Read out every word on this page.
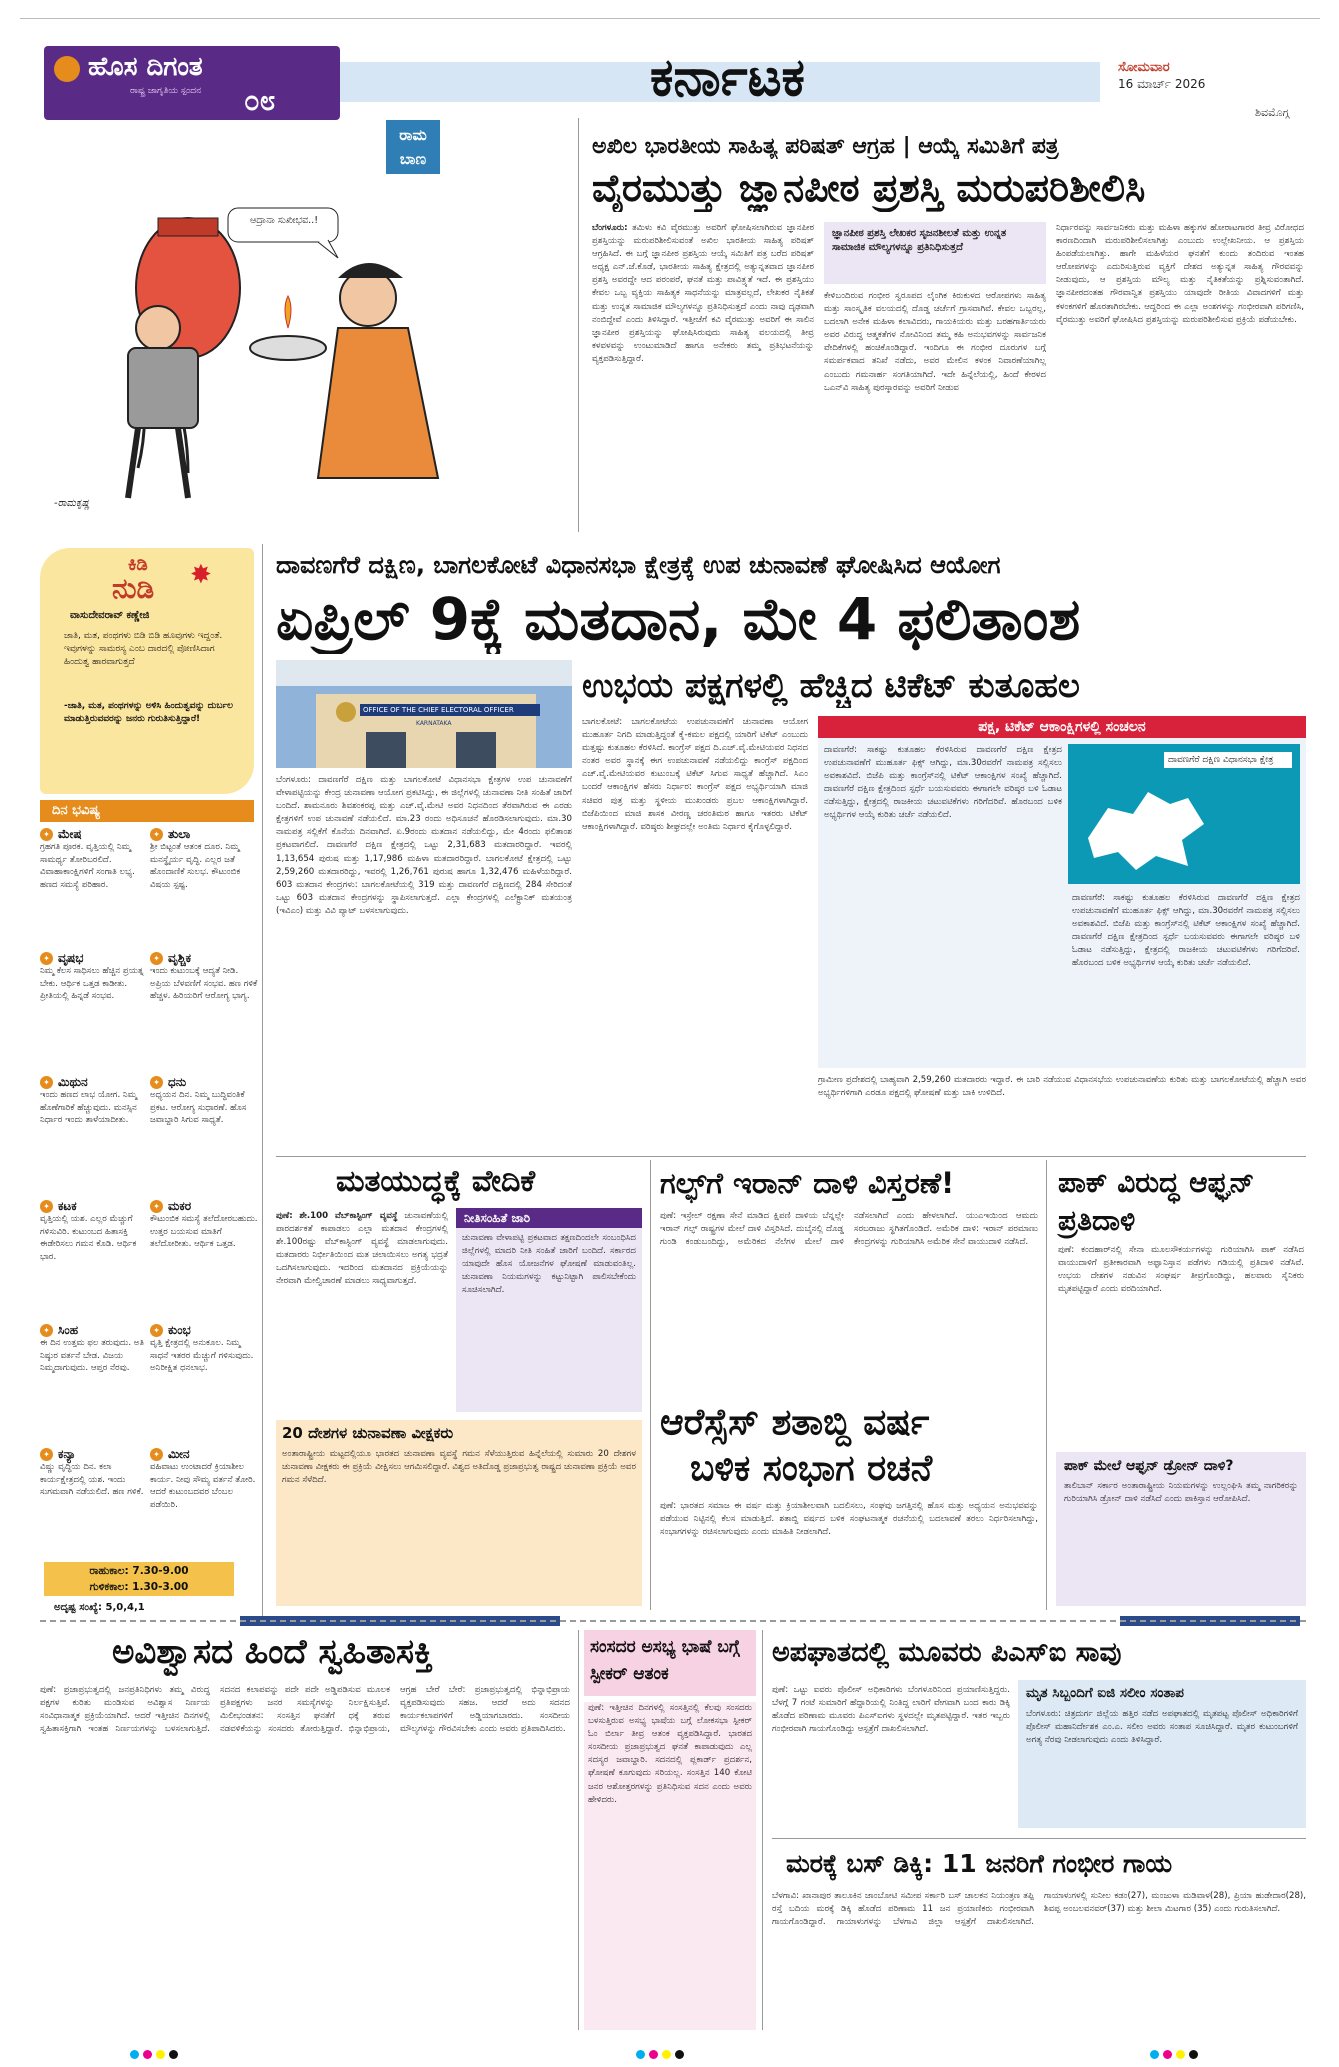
ಹೊಸ ದಿಗಂತ
ರಾಷ್ಟ್ರ ಜಾಗೃತಿಯ ಸ್ಪಂದನ ೦೮	ಕರ್ನಾಟಕ	ಸೋಮವಾರ
16 ಮಾರ್ಚ್ 2026
ಶಿವಮೊಗ್ಗ
ರಾಮ ಬಾಣ
ಆದ್ರಾನಾ ಸುಖೀಭವ..!
-ರಾಮಕೃಷ್ಣ
ಅಖಿಲ ಭಾರತೀಯ ಸಾಹಿತ್ಯ ಪರಿಷತ್ ಆಗ್ರಹ | ಆಯ್ಕೆ ಸಮಿತಿಗೆ ಪತ್ರ
ವೈರಮುತ್ತು ಜ್ಞಾನಪೀಠ ಪ್ರಶಸ್ತಿ ಮರುಪರಿಶೀಲಿಸಿ
ಬೆಂಗಳೂರು: ತಮಿಳು ಕವಿ ವೈರಮುತ್ತು ಅವರಿಗೆ ಘೋಷಿಸಲಾಗಿರುವ ಜ್ಞಾನಪೀಠ ಪ್ರಶಸ್ತಿಯನ್ನು ಮರುಪರಿಶೀಲಿಸುವಂತೆ ಅಖಿಲ ಭಾರತೀಯ ಸಾಹಿತ್ಯ ಪರಿಷತ್ ಆಗ್ರಹಿಸಿದೆ. ಈ ಬಗ್ಗೆ ಜ್ಞಾನಪೀಠ ಪ್ರಶಸ್ತಿಯ ಆಯ್ಕೆ ಸಮಿತಿಗೆ ಪತ್ರ ಬರೆದ ಪರಿಷತ್ ಅಧ್ಯಕ್ಷ ಎನ್.ಜೆ.ಕೊಡೆ, ಭಾರತೀಯ ಸಾಹಿತ್ಯ ಕ್ಷೇತ್ರದಲ್ಲಿ ಅತ್ಯುನ್ನತವಾದ ಜ್ಞಾನಪೀಠ ಪ್ರಶಸ್ತಿ ಅವರದ್ದೇ ಆದ ಪರಂಪರೆ, ಘನತೆ ಮತ್ತು ಪಾವಿತ್ರ್ಯತೆ ಇದೆ. ಈ ಪ್ರಶಸ್ತಿಯು ಕೇವಲ ಒಬ್ಬ ವ್ಯಕ್ತಿಯ ಸಾಹಿತ್ಯಕ ಸಾಧನೆಯನ್ನು ಮಾತ್ರವಲ್ಲದೆ, ಲೇಖಕರ ನೈತಿಕತೆ ಮತ್ತು ಉನ್ನತ ಸಾಮಾಜಿಕ ಮೌಲ್ಯಗಳನ್ನೂ ಪ್ರತಿನಿಧಿಸುತ್ತದೆ ಎಂದು ನಾವು ದೃಢವಾಗಿ ನಂಬಿದ್ದೇವೆ ಎಂದು ತಿಳಿಸಿದ್ದಾರೆ. ಇತ್ತೀಚೆಗೆ ಕವಿ ವೈರಮುತ್ತು ಅವರಿಗೆ ಈ ಸಾಲಿನ ಜ್ಞಾನಪೀಠ ಪ್ರಶಸ್ತಿಯನ್ನು ಘೋಷಿಸಿರುವುದು ಸಾಹಿತ್ಯ ವಲಯದಲ್ಲಿ ತೀವ್ರ ಕಳವಳವನ್ನು ಉಂಟುಮಾಡಿದೆ ಹಾಗೂ ಅನೇಕರು ತಮ್ಮ ಪ್ರತಿಭಟನೆಯನ್ನು ವ್ಯಕ್ತಪಡಿಸುತ್ತಿದ್ದಾರೆ.
ಜ್ಞಾನಪೀಠ ಪ್ರಶಸ್ತಿ ಲೇಖಕರ ಸೃಜನಶೀಲತೆ ಮತ್ತು ಉನ್ನತ ಸಾಮಾಜಿಕ ಮೌಲ್ಯಗಳನ್ನೂ ಪ್ರತಿನಿಧಿಸುತ್ತದೆ
ಕೇಳಿಬಂದಿರುವ ಗಂಭೀರ ಸ್ವರೂಪದ ಲೈಂಗಿಕ ಕಿರುಕುಳದ ಆರೋಪಗಳು ಸಾಹಿತ್ಯ ಮತ್ತು ಸಾಂಸ್ಕೃತಿಕ ವಲಯದಲ್ಲಿ ದೊಡ್ಡ ಚರ್ಚೆಗೆ ಗ್ರಾಸವಾಗಿವೆ. ಕೇವಲ ಒಬ್ಬರಲ್ಲ, ಬದಲಾಗಿ ಅನೇಕ ಮಹಿಳಾ ಕಲಾವಿದರು, ಗಾಯಕಿಯರು ಮತ್ತು ಬರಹಗಾರ್ತಿಯರು ಅವರ ವಿರುದ್ಧ ಆತ್ಮಕತೆಗಳ ನೋವಿನಿಂದ ತಮ್ಮ ಕಹಿ ಅನುಭವಗಳನ್ನು ಸಾರ್ವಜನಿಕ ವೇದಿಕೆಗಳಲ್ಲಿ ಹಂಚಿಕೊಂಡಿದ್ದಾರೆ. ಇಂದಿಗೂ ಈ ಗಂಭೀರ ದೂರುಗಳ ಬಗ್ಗೆ ಸಮರ್ಪಕವಾದ ತನಿಖೆ ನಡೆದು, ಅವರ ಮೇಲಿನ ಕಳಂಕ ನಿವಾರಣೆಯಾಗಿಲ್ಲ ಎಂಬುದು ಗಮನಾರ್ಹ ಸಂಗತಿಯಾಗಿದೆ. ಇದೇ ಹಿನ್ನೆಲೆಯಲ್ಲಿ, ಹಿಂದೆ ಕೇರಳದ ಒಎನ್‌ವಿ ಸಾಹಿತ್ಯ ಪುರಸ್ಕಾರವನ್ನು ಅವರಿಗೆ ನೀಡುವ
ನಿರ್ಧಾರವನ್ನು ಸಾರ್ವಜನಿಕರು ಮತ್ತು ಮಹಿಳಾ ಹಕ್ಕುಗಳ ಹೋರಾಟಗಾರರ ತೀವ್ರ ವಿರೋಧದ ಕಾರಣದಿಂದಾಗಿ ಮರುಪರಿಶೀಲಿಸಲಾಗಿತ್ತು ಎಂಬುದು ಉಲ್ಲೇಖನೀಯ. ಆ ಪ್ರಶಸ್ತಿಯ ಹಿಂಪಡೆಯಲಾಗಿತ್ತು. ಹಾಗೇ ಮಹಿಳೆಯರ ಘನತೆಗೆ ಕುಂದು ತಂದಿರುವ ಇಂತಹ ಆರೋಪಗಳನ್ನು ಎದುರಿಸುತ್ತಿರುವ ವ್ಯಕ್ತಿಗೆ ದೇಶದ ಅತ್ಯುನ್ನತ ಸಾಹಿತ್ಯ ಗೌರವವನ್ನು ನೀಡುವುದು, ಆ ಪ್ರಶಸ್ತಿಯ ಮೌಲ್ಯ ಮತ್ತು ನೈತಿಕತೆಯನ್ನು ಪ್ರಶ್ನಿಸುವಂತಾಗಿದೆ. ಜ್ಞಾನಪೀಠದಂತಹ ಗೌರವಾನ್ವಿತ ಪ್ರಶಸ್ತಿಯು ಯಾವುದೇ ರೀತಿಯ ವಿವಾದಗಳಿಗೆ ಮತ್ತು ಕಳಂಕಗಳಿಗೆ ಹೊರತಾಗಿರಬೇಕು. ಆದ್ದರಿಂದ ಈ ಎಲ್ಲಾ ಅಂಶಗಳನ್ನು ಗಂಭೀರವಾಗಿ ಪರಿಗಣಿಸಿ, ವೈರಮುತ್ತು ಅವರಿಗೆ ಘೋಷಿಸಿದ ಪ್ರಶಸ್ತಿಯನ್ನು ಮರುಪರಿಶೀಲಿಸುವ ಪ್ರಕ್ರಿಯೆ ಪಡೆಯಬೇಕು.
ಕಿಡಿ
ನುಡಿ ✸
ವಾಸುದೇವರಾವ್ ಕಣ್ಣೇಜಿ
ಜಾತಿ, ಮತ, ಪಂಥಗಳು ಬಿಡಿ ಬಿಡಿ ಹೂವುಗಳು ಇದ್ದಂತೆ. ಇವುಗಳನ್ನು ಸಾಮರಸ್ಯ ಎಂಬ ದಾರದಲ್ಲಿ ಪೋಣಿಸಿದಾಗ ಹಿಂದುತ್ವ ಹಾರವಾಗುತ್ತದೆ
-ಜಾತಿ, ಮತ, ಪಂಥಗಳನ್ನು ಅಳಿಸಿ ಹಿಂದುತ್ವವನ್ನು ದುರ್ಬಲ ಮಾಡುತ್ತಿರುವವರನ್ನು ಜನರು ಗುರುತಿಸುತ್ತಿದ್ದಾರೆ!
ದಿನ ಭವಿಷ್ಯ
✦ ಮೇಷ
ಗ್ರಹಗತಿ ಪೂರಕ. ವೃತ್ತಿಯಲ್ಲಿ ನಿಮ್ಮ ಸಾಮರ್ಥ್ಯ ತೋರಿಬರಲಿದೆ. ವಿವಾಹಾಕಾಂಕ್ಷಿಗಳಿಗೆ ಸಂಗಾತಿ ಲಭ್ಯ. ಹಣದ ಸಮಸ್ಯೆ ಪರಿಹಾರ.
✦ ತುಲಾ
ಶ್ರೀ ಬಿಟ್ಟಂತೆ ಆತಂಕ ದೂರ. ನಿಮ್ಮ ಮನಸ್ಥೈರ್ಯ ವೃದ್ಧಿ. ಎಲ್ಲರ ಜತೆ ಹೊಂದಾಣಿಕೆ ಸುಲಭ. ಕೌಟುಂಬಿಕ ವಿಷಯ ಸ್ಪಷ್ಟ.
✦ ವೃಷಭ
ನಿಮ್ಮ ಕೆಲಸ ಸಾಧಿಸಲು ಹೆಚ್ಚಿನ ಪ್ರಯತ್ನ ಬೇಕು. ಆರ್ಥಿಕ ಒತ್ತಡ ಕಾಡೀತು. ಪ್ರೀತಿಯಲ್ಲಿ ಹಿನ್ನಡೆ ಸಂಭವ.
✦ ವೃಶ್ಚಿಕ
ಇಂದು ಕುಟುಂಬಕ್ಕೆ ಆದ್ಯತೆ ನೀಡಿ. ಅಪ್ರಿಯ ಬೆಳವಣಿಗೆ ಸಂಭವ. ಹಣ ಗಳಿಕೆ ಹೆಚ್ಚಳ. ಹಿರಿಯರಿಗೆ ಆರೋಗ್ಯ ಭಾಗ್ಯ.
✦ ಮಿಥುನ
ಇಂದು ಹಣದ ಲಾಭ ಯೋಗ. ನಿಮ್ಮ ಹೊಣೆಗಾರಿಕೆ ಹೆಚ್ಚುವುದು. ಮನಸ್ಸಿನ ನಿರ್ಧಾರ ಇಂದು ತಾಳೆಯಾದೀತು.
✦ ಧನು
ಅಧ್ಯಯನ ದಿನ. ನಿಮ್ಮ ಬುದ್ಧಿವಂತಿಕೆ ಪ್ರಕಟ. ಆರೋಗ್ಯ ಸುಧಾರಣೆ. ಹೊಸ ಜವಾಬ್ದಾರಿ ಸಿಗುವ ಸಾಧ್ಯತೆ.
✦ ಕಟಕ
ವೃತ್ತಿಯಲ್ಲಿ ಯಶ. ಎಲ್ಲರ ಮೆಚ್ಚುಗೆ ಗಳಿಸುವಿರಿ. ಕುಟುಂಬದ ಹಿತಾಸಕ್ತಿ ಈಡೇರಿಸಲು ಗಮನ ಕೊಡಿ. ಆರ್ಥಿಕ ಭಾರ.
✦ ಮಕರ
ಕೌಟುಂಬಿಕ ಸಮಸ್ಯೆ ತಲೆದೋರಬಹುದು. ಉತ್ತರ ಬಯಸುವ ಮಾತಿಗೆ ತಲೆದೋರೀತು. ಆರ್ಥಿಕ ಒತ್ತಡ.
✦ ಸಿಂಹ
ಈ ದಿನ ಉತ್ತಮ ಫಲ ತರುವುದು. ಅತಿ ನಿಷ್ಠುರ ವರ್ತನೆ ಬೇಡ. ವಿಜಯ ನಿಮ್ಮದಾಗುವುದು. ಆಪ್ತರ ನೆರವು.
✦ ಕುಂಭ
ವೃತ್ತಿ ಕ್ಷೇತ್ರದಲ್ಲಿ ಅನುಕೂಲ. ನಿಮ್ಮ ಸಾಧನೆ ಇತರರ ಮೆಚ್ಚುಗೆ ಗಳಿಸುವುದು. ಅನಿರೀಕ್ಷಿತ ಧನಲಾಭ.
✦ ಕನ್ಯಾ
ವಿಷ್ಣು ವೃದ್ಧಿಯ ದಿನ. ಕಲಾ ಕಾರ್ಯಕ್ಷೇತ್ರದಲ್ಲಿ ಯಶ. ಇಂದು ಸುಗಮವಾಗಿ ನಡೆಯಲಿದೆ. ಹಣ ಗಳಿಕೆ.
✦ ಮೀನ
ವಹಿವಾಟು ಉಂಟಾದರೆ ಕ್ರಿಯಾಶೀಲ ಕಾರ್ಯ. ನೀವು ಸೌಮ್ಯ ವರ್ತನೆ ತೋರಿ. ಆದರೆ ಕುಟುಂಬದವರ ಬೆಂಬಲ ಪಡೆಯಿರಿ.
ರಾಹುಕಾಲ: 7.30-9.00
ಗುಳಿಕಕಾಲ: 1.30-3.00
ಅದೃಷ್ಟ ಸಂಖ್ಯೆ: 5,0,4,1
ದಾವಣಗೆರೆ ದಕ್ಷಿಣ, ಬಾಗಲಕೋಟೆ ವಿಧಾನಸಭಾ ಕ್ಷೇತ್ರಕ್ಕೆ ಉಪ ಚುನಾವಣೆ ಘೋಷಿಸಿದ ಆಯೋಗ
ಏಪ್ರಿಲ್ 9ಕ್ಕೆ ಮತದಾನ, ಮೇ 4 ಫಲಿತಾಂಶ
OFFICE OF THE CHIEF ELECTORAL OFFICER
KARNATAKA
ಉಭಯ ಪಕ್ಷಗಳಲ್ಲಿ ಹೆಚ್ಚಿದ ಟಿಕೆಟ್ ಕುತೂಹಲ
ಬೆಂಗಳೂರು: ದಾವಣಗೆರೆ ದಕ್ಷಿಣ ಮತ್ತು ಬಾಗಲಕೋಟೆ ವಿಧಾನಸಭಾ ಕ್ಷೇತ್ರಗಳ ಉಪ ಚುನಾವಣೆಗೆ ವೇಳಾಪಟ್ಟಿಯನ್ನು ಕೇಂದ್ರ ಚುನಾವಣಾ ಆಯೋಗ ಪ್ರಕಟಿಸಿದ್ದು, ಈ ಜಿಲ್ಲೆಗಳಲ್ಲಿ ಚುನಾವಣಾ ನೀತಿ ಸಂಹಿತೆ ಜಾರಿಗೆ ಬಂದಿದೆ. ಶಾಮನೂರು ಶಿವಶಂಕರಪ್ಪ ಮತ್ತು ಎಚ್.ವೈ.ಮೇಟಿ ಅವರ ನಿಧನದಿಂದ ತೆರವಾಗಿರುವ ಈ ಎರಡು ಕ್ಷೇತ್ರಗಳಿಗೆ ಉಪ ಚುನಾವಣೆ ನಡೆಯಲಿದೆ. ಮಾ.23 ರಂದು ಅಧಿಸೂಚನೆ ಹೊರಡಿಸಲಾಗುವುದು. ಮಾ.30 ನಾಮಪತ್ರ ಸಲ್ಲಿಕೆಗೆ ಕೊನೆಯ ದಿನವಾಗಿದೆ. ಏ.9ರಂದು ಮತದಾನ ನಡೆಯಲಿದ್ದು, ಮೇ 4ರಂದು ಫಲಿತಾಂಶ ಪ್ರಕಟವಾಗಲಿದೆ. ದಾವಣಗೆರೆ ದಕ್ಷಿಣ ಕ್ಷೇತ್ರದಲ್ಲಿ ಒಟ್ಟು 2,31,683 ಮತದಾರರಿದ್ದಾರೆ. ಇವರಲ್ಲಿ 1,13,654 ಪುರುಷ ಮತ್ತು 1,17,986 ಮಹಿಳಾ ಮತದಾರರಿದ್ದಾರೆ. ಬಾಗಲಕೋಟೆ ಕ್ಷೇತ್ರದಲ್ಲಿ ಒಟ್ಟು 2,59,260 ಮತದಾರರಿದ್ದು, ಇವರಲ್ಲಿ 1,26,761 ಪುರುಷ ಹಾಗೂ 1,32,476 ಮಹಿಳೆಯರಿದ್ದಾರೆ. 603 ಮತದಾನ ಕೇಂದ್ರಗಳು: ಬಾಗಲಕೋಟೆಯಲ್ಲಿ 319 ಮತ್ತು ದಾವಣಗೆರೆ ದಕ್ಷಿಣದಲ್ಲಿ 284 ಸೇರಿದಂತೆ ಒಟ್ಟು 603 ಮತದಾನ ಕೇಂದ್ರಗಳನ್ನು ಸ್ಥಾಪಿಸಲಾಗುತ್ತದೆ. ಎಲ್ಲಾ ಕೇಂದ್ರಗಳಲ್ಲಿ ಎಲೆಕ್ಟ್ರಾನಿಕ್ ಮತಯಂತ್ರ (ಇವಿಎಂ) ಮತ್ತು ವಿವಿ ಪ್ಯಾಟ್ ಬಳಸಲಾಗುವುದು.
ಬಾಗಲಕೋಟೆ: ಬಾಗಲಕೋಟೆಯ ಉಪಚುನಾವಣೆಗೆ ಚುನಾವಣಾ ಆಯೋಗ ಮುಹೂರ್ತ ನಿಗದಿ ಮಾಡುತ್ತಿದ್ದಂತೆ ಕೈ-ಕಮಲ ಪಕ್ಷದಲ್ಲಿ ಯಾರಿಗೆ ಟಿಕೆಟ್ ಎಂಬುದು ಮತ್ತಷ್ಟು ಕುತೂಹಲ ಕೆರಳಿಸಿದೆ. ಕಾಂಗ್ರೆಸ್ ಪಕ್ಷದ ದಿ.ಎಚ್.ವೈ.ಮೇಟಿಯವರ ನಿಧನದ ನಂತರ ಅವರ ಸ್ಥಾನಕ್ಕೆ ಈಗ ಉಪಚುನಾವಣೆ ನಡೆಯಲಿದ್ದು ಕಾಂಗ್ರೆಸ್ ಪಕ್ಷದಿಂದ ಎಚ್.ವೈ.ಮೇಟಿಯವರ ಕುಟುಂಬಕ್ಕೆ ಟಿಕೆಟ್ ಸಿಗುವ ಸಾಧ್ಯತೆ ಹೆಚ್ಚಾಗಿದೆ. ಸಿಎಂ ಬಂದರೆ ಆಕಾಂಕ್ಷಿಗಳ ಹೆಸರು ನಿರ್ಧಾರ: ಕಾಂಗ್ರೆಸ್ ಪಕ್ಷದ ಅಭ್ಯರ್ಥಿಯಾಗಿ ಮಾಜಿ ಸಚಿವರ ಪುತ್ರ ಮತ್ತು ಸ್ಥಳೀಯ ಮುಖಂಡರು ಪ್ರಬಲ ಆಕಾಂಕ್ಷಿಗಳಾಗಿದ್ದಾರೆ. ಬಿಜೆಪಿಯಿಂದ ಮಾಜಿ ಶಾಸಕ ವೀರಣ್ಣ ಚರಂತಿಮಠ ಹಾಗೂ ಇತರರು ಟಿಕೆಟ್ ಆಕಾಂಕ್ಷಿಗಳಾಗಿದ್ದಾರೆ. ವರಿಷ್ಠರು ಶೀಘ್ರದಲ್ಲೇ ಅಂತಿಮ ನಿರ್ಧಾರ ಕೈಗೊಳ್ಳಲಿದ್ದಾರೆ.
ಪಕ್ಷ, ಟಿಕೆಟ್ ಆಕಾಂಕ್ಷಿಗಳಲ್ಲಿ ಸಂಚಲನ
ದಾವಣಗೆರೆ: ಸಾಕಷ್ಟು ಕುತೂಹಲ ಕೆರಳಿಸಿರುವ ದಾವಣಗೆರೆ ದಕ್ಷಿಣ ಕ್ಷೇತ್ರದ ಉಪಚುನಾವಣೆಗೆ ಮುಹೂರ್ತ ಫಿಕ್ಸ್ ಆಗಿದ್ದು, ಮಾ.30ರವರೆಗೆ ನಾಮಪತ್ರ ಸಲ್ಲಿಸಲು ಅವಕಾಶವಿದೆ. ಬಿಜೆಪಿ ಮತ್ತು ಕಾಂಗ್ರೆಸ್‌ನಲ್ಲಿ ಟಿಕೆಟ್ ಆಕಾಂಕ್ಷಿಗಳ ಸಂಖ್ಯೆ ಹೆಚ್ಚಾಗಿದೆ. ದಾವಣಗೆರೆ ದಕ್ಷಿಣ ಕ್ಷೇತ್ರದಿಂದ ಸ್ಪರ್ಧೆ ಬಯಸುವವರು ಈಗಾಗಲೇ ವರಿಷ್ಠರ ಬಳಿ ಓಡಾಟ ನಡೆಸುತ್ತಿದ್ದು, ಕ್ಷೇತ್ರದಲ್ಲಿ ರಾಜಕೀಯ ಚಟುವಟಿಕೆಗಳು ಗರಿಗೆದರಿವೆ. ಹೊರಬಂದ ಬಳಿಕ ಅಭ್ಯರ್ಥಿಗಳ ಆಯ್ಕೆ ಕುರಿತು ಚರ್ಚೆ ನಡೆಯಲಿದೆ.
ದಾವಣಗೆರೆ ದಕ್ಷಿಣ ವಿಧಾನಸಭಾ ಕ್ಷೇತ್ರ
ದಾವಣಗೆರೆ: ಸಾಕಷ್ಟು ಕುತೂಹಲ ಕೆರಳಿಸಿರುವ ದಾವಣಗೆರೆ ದಕ್ಷಿಣ ಕ್ಷೇತ್ರದ ಉಪಚುನಾವಣೆಗೆ ಮುಹೂರ್ತ ಫಿಕ್ಸ್ ಆಗಿದ್ದು, ಮಾ.30ರವರೆಗೆ ನಾಮಪತ್ರ ಸಲ್ಲಿಸಲು ಅವಕಾಶವಿದೆ. ಬಿಜೆಪಿ ಮತ್ತು ಕಾಂಗ್ರೆಸ್‌ನಲ್ಲಿ ಟಿಕೆಟ್ ಆಕಾಂಕ್ಷಿಗಳ ಸಂಖ್ಯೆ ಹೆಚ್ಚಾಗಿದೆ. ದಾವಣಗೆರೆ ದಕ್ಷಿಣ ಕ್ಷೇತ್ರದಿಂದ ಸ್ಪರ್ಧೆ ಬಯಸುವವರು ಈಗಾಗಲೇ ವರಿಷ್ಠರ ಬಳಿ ಓಡಾಟ ನಡೆಸುತ್ತಿದ್ದು, ಕ್ಷೇತ್ರದಲ್ಲಿ ರಾಜಕೀಯ ಚಟುವಟಿಕೆಗಳು ಗರಿಗೆದರಿವೆ. ಹೊರಬಂದ ಬಳಿಕ ಅಭ್ಯರ್ಥಿಗಳ ಆಯ್ಕೆ ಕುರಿತು ಚರ್ಚೆ ನಡೆಯಲಿದೆ.
ಗ್ರಾಮೀಣ ಪ್ರದೇಶದಲ್ಲಿ ಬಾಹ್ಯವಾಗಿ 2,59,260 ಮತದಾರರು ಇದ್ದಾರೆ. ಈ ಬಾರಿ ನಡೆಯುವ ವಿಧಾನಸಭೆಯ ಉಪಚುನಾವಣೆಯ ಕುರಿತು ಮತ್ತು ಬಾಗಲಕೋಟೆಯಲ್ಲಿ ಹೆಚ್ಚಾಗಿ ಅವರ ಅಭ್ಯರ್ಥಿಗಳಿಗಾಗಿ ಎರಡೂ ಪಕ್ಷದಲ್ಲಿ ಘೋಷಣೆ ಮತ್ತು ಬಾಕಿ ಉಳಿದಿದೆ.
ಮತಯುದ್ಧಕ್ಕೆ ವೇದಿಕೆ
ಪುಣೆ: ಶೇ.100 ವೆಬ್‌ಕಾಸ್ಟಿಂಗ್ ವ್ಯವಸ್ಥೆ ಚುನಾವಣೆಯಲ್ಲಿ ಪಾರದರ್ಶಕತೆ ಕಾಪಾಡಲು ಎಲ್ಲಾ ಮತದಾನ ಕೇಂದ್ರಗಳಲ್ಲಿ ಶೇ.100ರಷ್ಟು ವೆಬ್‌ಕಾಸ್ಟಿಂಗ್ ವ್ಯವಸ್ಥೆ ಮಾಡಲಾಗುವುದು. ಮತದಾರರು ನಿರ್ಭೀತಿಯಿಂದ ಮತ ಚಲಾಯಿಸಲು ಅಗತ್ಯ ಭದ್ರತೆ ಒದಗಿಸಲಾಗುವುದು. ಇದರಿಂದ ಮತದಾನದ ಪ್ರಕ್ರಿಯೆಯನ್ನು ನೇರವಾಗಿ ಮೇಲ್ವಿಚಾರಣೆ ಮಾಡಲು ಸಾಧ್ಯವಾಗುತ್ತದೆ.
ನೀತಿಸಂಹಿತೆ ಜಾರಿ
ಚುನಾವಣಾ ವೇಳಾಪಟ್ಟಿ ಪ್ರಕಟವಾದ ತಕ್ಷಣದಿಂದಲೇ ಸಂಬಂಧಿಸಿದ ಜಿಲ್ಲೆಗಳಲ್ಲಿ ಮಾದರಿ ನೀತಿ ಸಂಹಿತೆ ಜಾರಿಗೆ ಬಂದಿದೆ. ಸರ್ಕಾರದ ಯಾವುದೇ ಹೊಸ ಯೋಜನೆಗಳ ಘೋಷಣೆ ಮಾಡುವಂತಿಲ್ಲ. ಚುನಾವಣಾ ನಿಯಮಗಳನ್ನು ಕಟ್ಟುನಿಟ್ಟಾಗಿ ಪಾಲಿಸಬೇಕೆಂದು ಸೂಚಿಸಲಾಗಿದೆ.
20 ದೇಶಗಳ ಚುನಾವಣಾ ವೀಕ್ಷಕರು
ಅಂತಾರಾಷ್ಟ್ರೀಯ ಮಟ್ಟದಲ್ಲಿಯೂ ಭಾರತದ ಚುನಾವಣಾ ವ್ಯವಸ್ಥೆ ಗಮನ ಸೆಳೆಯುತ್ತಿರುವ ಹಿನ್ನೆಲೆಯಲ್ಲಿ ಸುಮಾರು 20 ದೇಶಗಳ ಚುನಾವಣಾ ವೀಕ್ಷಕರು ಈ ಪ್ರಕ್ರಿಯೆ ವೀಕ್ಷಿಸಲು ಆಗಮಿಸಲಿದ್ದಾರೆ. ವಿಶ್ವದ ಅತಿದೊಡ್ಡ ಪ್ರಜಾಪ್ರಭುತ್ವ ರಾಷ್ಟ್ರದ ಚುನಾವಣಾ ಪ್ರಕ್ರಿಯೆ ಅವರ ಗಮನ ಸೆಳೆದಿದೆ.
ಗಲ್ಫ್‌ಗೆ ಇರಾನ್ ದಾಳಿ ವಿಸ್ತರಣೆ!
ಪುಣೆ: ಇಸ್ರೇಲ್ ರಕ್ಷಣಾ ಸೇನೆ ಮಾಡಿದ ಕ್ಷಿಪಣಿ ದಾಳಿಯ ಬೆನ್ನಲ್ಲೇ ಇರಾನ್ ಗಲ್ಫ್ ರಾಷ್ಟ್ರಗಳ ಮೇಲೆ ದಾಳಿ ವಿಸ್ತರಿಸಿದೆ. ದುಬೈನಲ್ಲಿ ದೊಡ್ಡ ಗುಂಡಿ ಕಂಡುಬಂದಿದ್ದು, ಅಮೆರಿಕದ ನೆಲೆಗಳ ಮೇಲೆ ದಾಳಿ ನಡೆಸಲಾಗಿದೆ ಎಂದು ಹೇಳಲಾಗಿದೆ. ಯುಎಇಯಿಂದ ಆಮದು ಸರಬರಾಜು ಸ್ಥಗಿತಗೊಂಡಿದೆ. ಅಮೆರಿಕ ದಾಳಿ: ಇರಾನ್ ಪರಮಾಣು ಕೇಂದ್ರಗಳನ್ನು ಗುರಿಯಾಗಿಸಿ ಅಮೆರಿಕ ಸೇನೆ ವಾಯುದಾಳಿ ನಡೆಸಿದೆ.
ಆರೆಸ್ಸೆಸ್ ಶತಾಬ್ದಿ ವರ್ಷ
ಬಳಿಕ ಸಂಭಾಗ ರಚನೆ
ಪುಣೆ: ಭಾರತದ ಸಮಾಜ ಈ ವರ್ಷ ಮತ್ತು ಕ್ರಿಯಾಶೀಲವಾಗಿ ಬದಲಿಸಲು, ಸಂಘವು ಜಗತ್ತಿನಲ್ಲಿ ಹೊಸ ಮತ್ತು ಅಧ್ಯಯನ ಅನುಭವವನ್ನು ಪಡೆಯುವ ನಿಟ್ಟಿನಲ್ಲಿ ಕೆಲಸ ಮಾಡುತ್ತಿದೆ. ಶತಾಬ್ದಿ ವರ್ಷದ ಬಳಿಕ ಸಂಘಟನಾತ್ಮಕ ರಚನೆಯಲ್ಲಿ ಬದಲಾವಣೆ ತರಲು ನಿರ್ಧರಿಸಲಾಗಿದ್ದು, ಸಂಭಾಗಗಳನ್ನು ರಚಿಸಲಾಗುವುದು ಎಂದು ಮಾಹಿತಿ ನೀಡಲಾಗಿದೆ.
ಪಾಕ್ ವಿರುದ್ಧ ಆಫ್ಘನ್ ಪ್ರತಿದಾಳಿ
ಪುಣೆ: ಕಂದಹಾರ್‌ನಲ್ಲಿ ಸೇನಾ ಮೂಲಸೌಕರ್ಯಗಳನ್ನು ಗುರಿಯಾಗಿಸಿ ಪಾಕ್ ನಡೆಸಿದ ವಾಯುದಾಳಿಗೆ ಪ್ರತೀಕಾರವಾಗಿ ಅಫ್ಘಾನಿಸ್ತಾನ ಪಡೆಗಳು ಗಡಿಯಲ್ಲಿ ಪ್ರತಿದಾಳಿ ನಡೆಸಿವೆ. ಉಭಯ ದೇಶಗಳ ನಡುವಿನ ಸಂಘರ್ಷ ತೀವ್ರಗೊಂಡಿದ್ದು, ಹಲವಾರು ಸೈನಿಕರು ಮೃತಪಟ್ಟಿದ್ದಾರೆ ಎಂದು ವರದಿಯಾಗಿದೆ.
ಪಾಕ್ ಮೇಲೆ ಆಫ್ಘನ್ ಡ್ರೋನ್ ದಾಳಿ?
ತಾಲಿಬಾನ್ ಸರ್ಕಾರ ಅಂತಾರಾಷ್ಟ್ರೀಯ ನಿಯಮಗಳನ್ನು ಉಲ್ಲಂಘಿಸಿ ತಮ್ಮ ನಾಗರಿಕರನ್ನು ಗುರಿಯಾಗಿಸಿ ಡ್ರೋನ್ ದಾಳಿ ನಡೆಸಿದೆ ಎಂದು ಪಾಕಿಸ್ತಾನ ಆರೋಪಿಸಿದೆ.
ಅವಿಶ್ವಾಸದ ಹಿಂದೆ ಸ್ವಹಿತಾಸಕ್ತಿ
ಪುಣೆ: ಪ್ರಜಾಪ್ರಭುತ್ವದಲ್ಲಿ ಜನಪ್ರತಿನಿಧಿಗಳು ತಮ್ಮ ವಿರುದ್ಧ ಪಕ್ಷಗಳ ಕುರಿತು ಮಂಡಿಸುವ ಅವಿಶ್ವಾಸ ನಿರ್ಣಯ ಸಂವಿಧಾನಾತ್ಮಕ ಪ್ರಕ್ರಿಯೆಯಾಗಿದೆ. ಆದರೆ ಇತ್ತೀಚಿನ ದಿನಗಳಲ್ಲಿ ಸ್ವಹಿತಾಸಕ್ತಿಗಾಗಿ ಇಂತಹ ನಿರ್ಣಯಗಳನ್ನು ಬಳಸಲಾಗುತ್ತಿದೆ. ಸದನದ ಕಲಾಪವನ್ನು ಪದೇ ಪದೇ ಅಡ್ಡಿಪಡಿಸುವ ಮೂಲಕ ಪ್ರತಿಪಕ್ಷಗಳು ಜನರ ಸಮಸ್ಯೆಗಳನ್ನು ನಿರ್ಲಕ್ಷಿಸುತ್ತಿವೆ. ಮಿಲೀಭಂಡತನ: ಸಂಸತ್ತಿನ ಘನತೆಗೆ ಧಕ್ಕೆ ತರುವ ನಡವಳಿಕೆಯನ್ನು ಸಂಸದರು ತೋರುತ್ತಿದ್ದಾರೆ. ಭಿನ್ನಾಭಿಪ್ರಾಯ, ಆಗ್ರಹ ಬೇರೆ ಬೇರೆ: ಪ್ರಜಾಪ್ರಭುತ್ವದಲ್ಲಿ ಭಿನ್ನಾಭಿಪ್ರಾಯ ವ್ಯಕ್ತಪಡಿಸುವುದು ಸಹಜ. ಆದರೆ ಅದು ಸದನದ ಕಾರ್ಯಕಲಾಪಗಳಿಗೆ ಅಡ್ಡಿಯಾಗಬಾರದು. ಸಂಸದೀಯ ಮೌಲ್ಯಗಳನ್ನು ಗೌರವಿಸಬೇಕು ಎಂದು ಅವರು ಪ್ರತಿಪಾದಿಸಿದರು.
ಸಂಸದರ ಅಸಭ್ಯ ಭಾಷೆ ಬಗ್ಗೆ ಸ್ಪೀಕರ್ ಆತಂಕ
ಪುಣೆ: ಇತ್ತೀಚಿನ ದಿನಗಳಲ್ಲಿ ಸಂಸತ್ತಿನಲ್ಲಿ ಕೆಲವು ಸಂಸದರು ಬಳಸುತ್ತಿರುವ ಅಸಭ್ಯ ಭಾಷೆಯ ಬಗ್ಗೆ ಲೋಕಸಭಾ ಸ್ಪೀಕರ್ ಓಂ ಬಿರ್ಲಾ ತೀವ್ರ ಆತಂಕ ವ್ಯಕ್ತಪಡಿಸಿದ್ದಾರೆ. ಭಾರತದ ಸಂಸದೀಯ ಪ್ರಜಾಪ್ರಭುತ್ವದ ಘನತೆ ಕಾಪಾಡುವುದು ಎಲ್ಲ ಸದಸ್ಯರ ಜವಾಬ್ದಾರಿ. ಸದನದಲ್ಲಿ ಪ್ಲಕಾರ್ಡ್ ಪ್ರದರ್ಶನ, ಘೋಷಣೆ ಕೂಗುವುದು ಸರಿಯಲ್ಲ. ಸಂಸತ್ತಿನ 140 ಕೋಟಿ ಜನರ ಆಶೋತ್ತರಗಳನ್ನು ಪ್ರತಿನಿಧಿಸುವ ಸದನ ಎಂದು ಅವರು ಹೇಳಿದರು.
ಅಪಘಾತದಲ್ಲಿ ಮೂವರು ಪಿಎಸ್‌ಐ ಸಾವು
ಪುಣೆ: ಒಟ್ಟು ಐವರು ಪೊಲೀಸ್ ಅಧಿಕಾರಿಗಳು ಬೆಂಗಳೂರಿನಿಂದ ಪ್ರಯಾಣಿಸುತ್ತಿದ್ದರು. ಬೆಳಗ್ಗೆ 7 ಗಂಟೆ ಸುಮಾರಿಗೆ ಹೆದ್ದಾರಿಯಲ್ಲಿ ನಿಂತಿದ್ದ ಲಾರಿಗೆ ವೇಗವಾಗಿ ಬಂದ ಕಾರು ಡಿಕ್ಕಿ ಹೊಡೆದ ಪರಿಣಾಮ ಮೂವರು ಪಿಎಸ್‌ಐಗಳು ಸ್ಥಳದಲ್ಲೇ ಮೃತಪಟ್ಟಿದ್ದಾರೆ. ಇತರ ಇಬ್ಬರು ಗಂಭೀರವಾಗಿ ಗಾಯಗೊಂಡಿದ್ದು ಆಸ್ಪತ್ರೆಗೆ ದಾಖಲಿಸಲಾಗಿದೆ.
ಮೃತ ಸಿಬ್ಬಂದಿಗೆ ಐಜಿ ಸಲೀಂ ಸಂತಾಪ
ಬೆಂಗಳೂರು: ಚಿತ್ರದುರ್ಗ ಜಿಲ್ಲೆಯ ಹತ್ತಿರ ನಡೆದ ಅಪಘಾತದಲ್ಲಿ ಮೃತಪಟ್ಟ ಪೊಲೀಸ್ ಅಧಿಕಾರಿಗಳಿಗೆ ಪೊಲೀಸ್ ಮಹಾನಿರ್ದೇಶಕ ಎಂ.ಎ. ಸಲೀಂ ಅವರು ಸಂತಾಪ ಸೂಚಿಸಿದ್ದಾರೆ. ಮೃತರ ಕುಟುಂಬಗಳಿಗೆ ಅಗತ್ಯ ನೆರವು ನೀಡಲಾಗುವುದು ಎಂದು ತಿಳಿಸಿದ್ದಾರೆ.
ಮರಕ್ಕೆ ಬಸ್ ಡಿಕ್ಕಿ: 11 ಜನರಿಗೆ ಗಂಭೀರ ಗಾಯ
ಬೆಳಗಾವಿ: ಖಾನಾಪುರ ತಾಲೂಕಿನ ಜಾಂಬೋಟಿ ಸಮೀಪ ಸರ್ಕಾರಿ ಬಸ್ ಚಾಲಕನ ನಿಯಂತ್ರಣ ತಪ್ಪಿ ರಸ್ತೆ ಬದಿಯ ಮರಕ್ಕೆ ಡಿಕ್ಕಿ ಹೊಡೆದ ಪರಿಣಾಮ 11 ಜನ ಪ್ರಯಾಣಿಕರು ಗಂಭೀರವಾಗಿ ಗಾಯಗೊಂಡಿದ್ದಾರೆ. ಗಾಯಾಳುಗಳನ್ನು ಬೆಳಗಾವಿ ಜಿಲ್ಲಾ ಆಸ್ಪತ್ರೆಗೆ ದಾಖಲಿಸಲಾಗಿದೆ. ಗಾಯಾಳುಗಳಲ್ಲಿ ಸುನೀಲ ಕಡಂ(27), ಮಂಜುಳಾ ಮಡಿವಾಳ(28), ಪ್ರಿಯಾ ಹುಡೇದಾರ(28), ಶಿವಪ್ಪ ಅಂಬಲವನವರ್(37) ಮತ್ತು ಶೀಲಾ ಮಿಟಗಾರ (35) ಎಂದು ಗುರುತಿಸಲಾಗಿದೆ.
